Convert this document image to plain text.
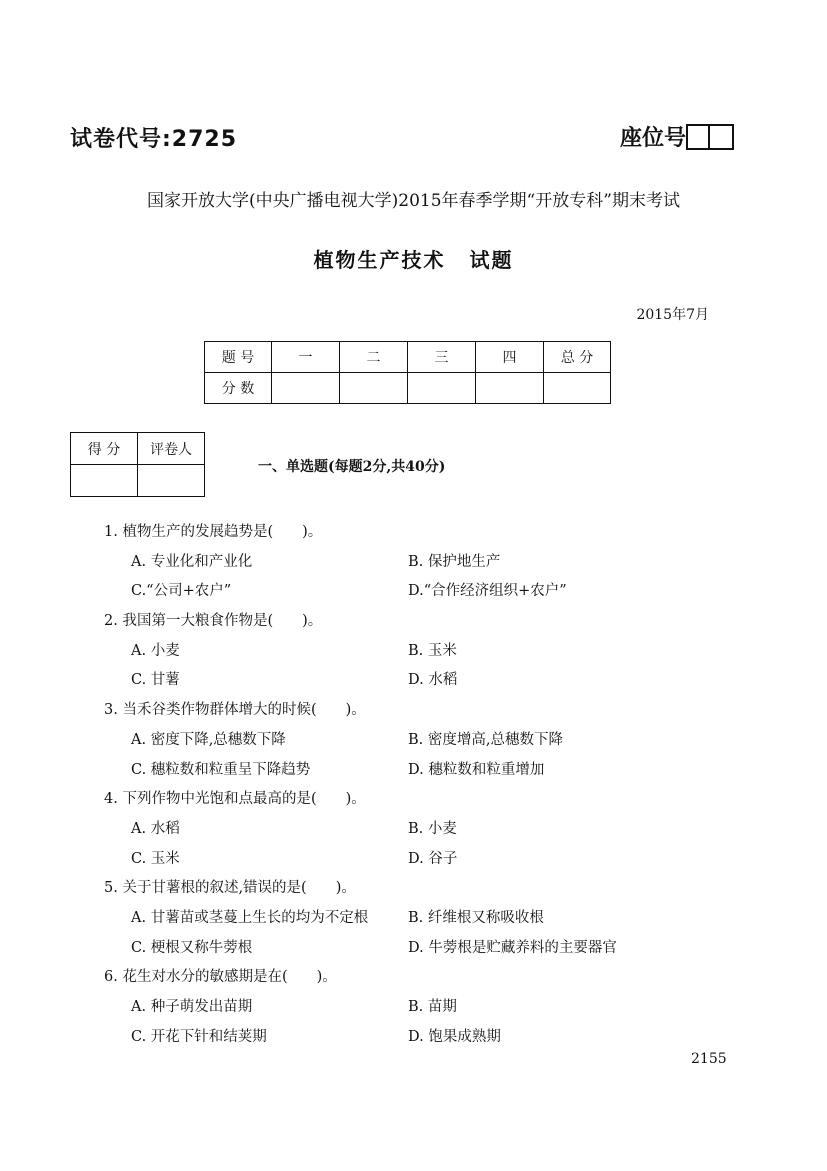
试卷代号:2725	座位号
国家开放大学(中央广播电视大学)2015年春季学期“开放专科”期末考试
植物生产技术 试题
2015年7月
题 号	一	二	三	四	总 分
分 数					
得 分	评卷人

一、单选题(每题2分,共40分)
1. 植物生产的发展趋势是(　　)。
A. 专业化和产业化	B. 保护地生产
C.“公司+农户”	D.“合作经济组织+农户”
2. 我国第一大粮食作物是(　　)。
A. 小麦	B. 玉米
C. 甘薯	D. 水稻
3. 当禾谷类作物群体增大的时候(　　)。
A. 密度下降,总穗数下降	B. 密度增高,总穗数下降
C. 穗粒数和粒重呈下降趋势	D. 穗粒数和粒重增加
4. 下列作物中光饱和点最高的是(　　)。
A. 水稻	B. 小麦
C. 玉米	D. 谷子
5. 关于甘薯根的叙述,错误的是(　　)。
A. 甘薯苗或茎蔓上生长的均为不定根	B. 纤维根又称吸收根
C. 梗根又称牛蒡根	D. 牛蒡根是贮藏养料的主要器官
6. 花生对水分的敏感期是在(　　)。
A. 种子萌发出苗期	B. 苗期
C. 开花下针和结荚期	D. 饱果成熟期
2155
